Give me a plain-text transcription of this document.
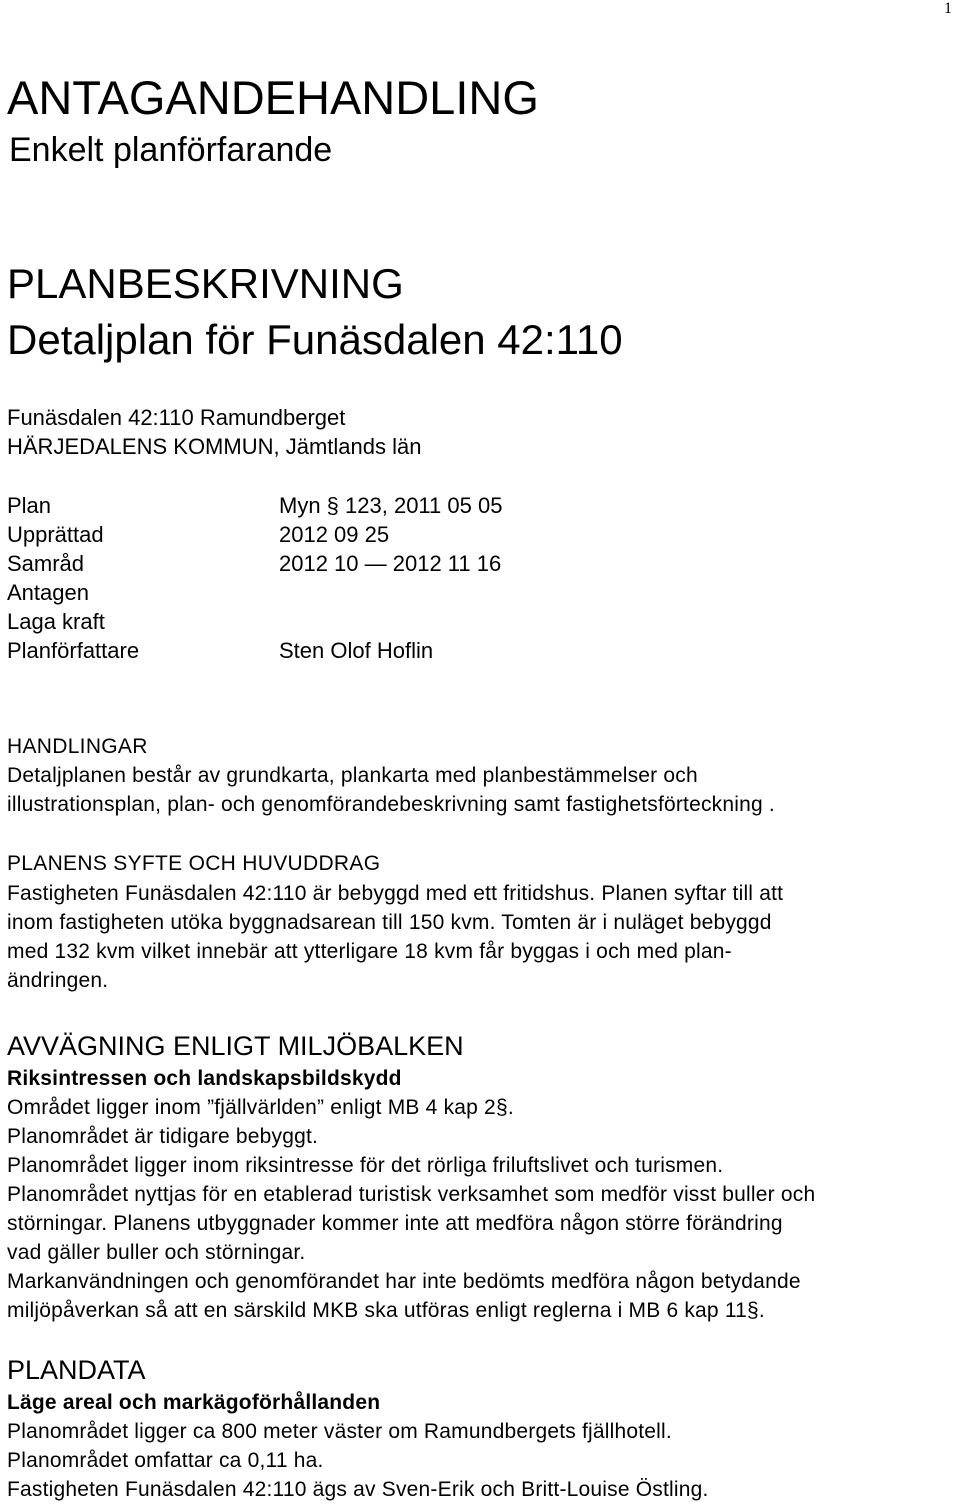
1
ANTAGANDEHANDLING
Enkelt planförfarande
PLANBESKRIVNING
Detaljplan för Funäsdalen 42:110
Funäsdalen 42:110 Ramundberget
HÄRJEDALENS KOMMUN, Jämtlands län
Plan	Myn § 123, 2011 05 05
Upprättad	2012 09 25
Samråd	2012 10 — 2012 11 16
Antagen
Laga kraft
Planförfattare	Sten Olof Hoflin
HANDLINGAR

Detaljplanen består av grundkarta, plankarta med planbestämmelser och

illustrationsplan, plan- och genomförandebeskrivning samt fastighetsförteckning .

PLANENS SYFTE OCH HUVUDDRAG

Fastigheten Funäsdalen 42:110 är bebyggd med ett fritidshus. Planen syftar till att

inom fastigheten utöka byggnadsarean till 150 kvm. Tomten är i nuläget bebyggd

med 132 kvm vilket innebär att ytterligare 18 kvm får byggas i och med plan-

ändringen.

AVVÄGNING ENLIGT MILJÖBALKEN

Riksintressen och landskapsbildskydd

Området ligger inom ”fjällvärlden” enligt MB 4 kap 2§.

Planområdet är tidigare bebyggt.

Planområdet ligger inom riksintresse för det rörliga friluftslivet och turismen.

Planområdet nyttjas för en etablerad turistisk verksamhet som medför visst buller och

störningar. Planens utbyggnader kommer inte att medföra någon större förändring

vad gäller buller och störningar.

Markanvändningen och genomförandet har inte bedömts medföra någon betydande

miljöpåverkan så att en särskild MKB ska utföras enligt reglerna i MB 6 kap 11§.

PLANDATA

Läge areal och markägoförhållanden

Planområdet ligger ca 800 meter väster om Ramundbergets fjällhotell.

Planområdet omfattar ca 0,11 ha.

Fastigheten Funäsdalen 42:110 ägs av Sven-Erik och Britt-Louise Östling.
